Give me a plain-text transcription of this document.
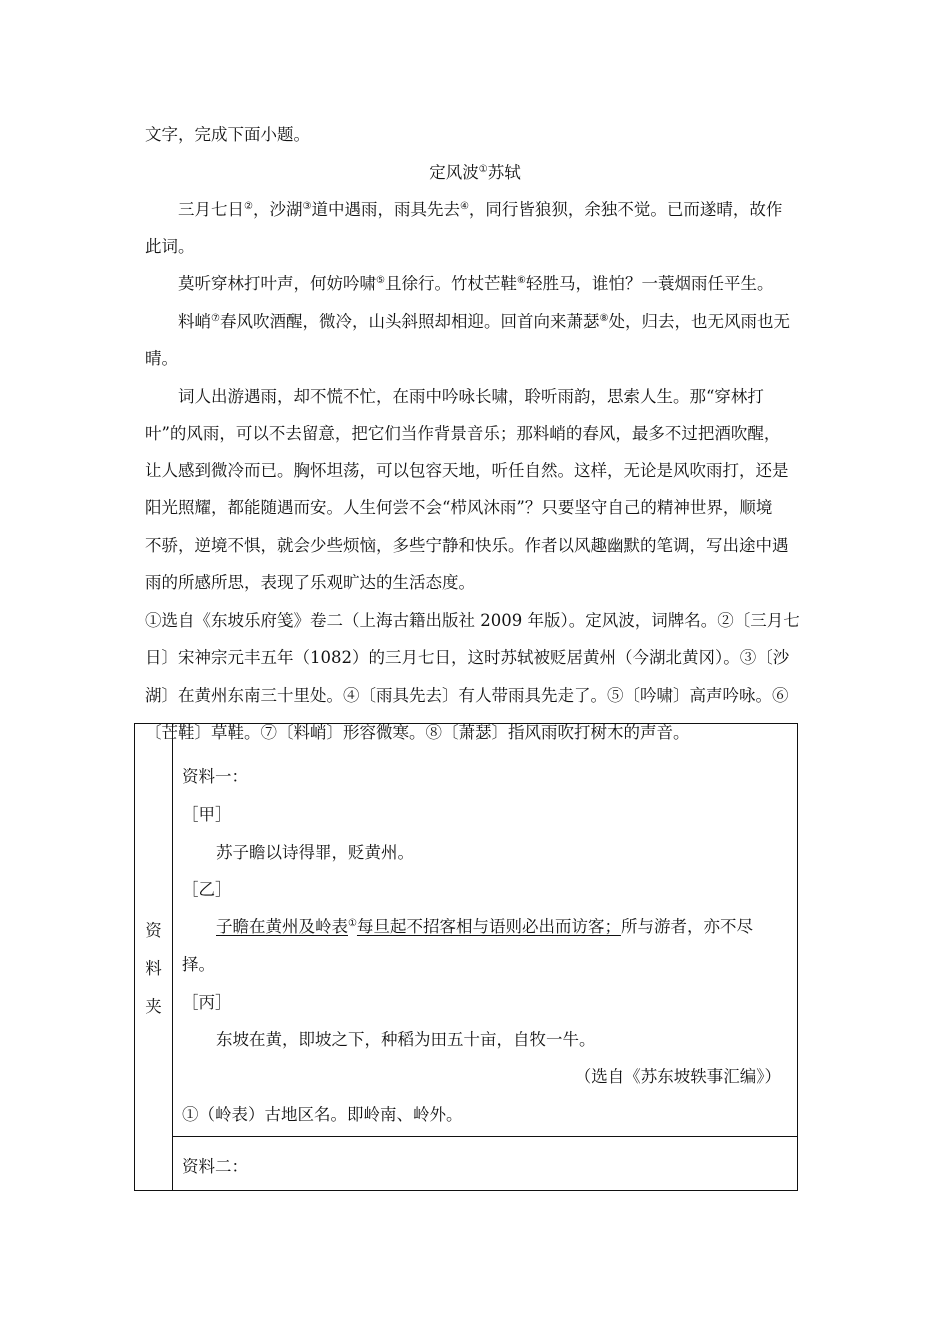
文字，完成下面小题。
定风波①苏轼
三月七日②，沙湖③道中遇雨，雨具先去④，同行皆狼狈，余独不觉。已而遂晴，故作
此词。
莫听穿林打叶声，何妨吟啸⑤且徐行。竹杖芒鞋⑥轻胜马，谁怕？一蓑烟雨任平生。
料峭⑦春风吹酒醒，微冷，山头斜照却相迎。回首向来萧瑟⑧处，归去，也无风雨也无
晴。
词人出游遇雨，却不慌不忙，在雨中吟咏长啸，聆听雨韵，思索人生。那“穿林打
叶”的风雨，可以不去留意，把它们当作背景音乐；那料峭的春风，最多不过把酒吹醒，
让人感到微冷而已。胸怀坦荡，可以包容天地，听任自然。这样，无论是风吹雨打，还是
阳光照耀，都能随遇而安。人生何尝不会“栉风沐雨”？只要坚守自己的精神世界，顺境
不骄，逆境不惧，就会少些烦恼，多些宁静和快乐。作者以风趣幽默的笔调，写出途中遇
雨的所感所思，表现了乐观旷达的生活态度。
①选自《东坡乐府笺》卷二（上海古籍出版社 2009 年版）。定风波，词牌名。②〔三月七
日〕宋神宗元丰五年（1082）的三月七日，这时苏轼被贬居黄州（今湖北黄冈）。③〔沙
湖〕在黄州东南三十里处。④〔雨具先去〕有人带雨具先走了。⑤〔吟啸〕高声吟咏。⑥
〔芒鞋〕草鞋。⑦〔料峭〕形容微寒。⑧〔萧瑟〕指风雨吹打树木的声音。
资
料
夹
资料一：
［甲］
苏子瞻以诗得罪，贬黄州。
［乙］
子瞻在黄州及岭表①每旦起不招客相与语则必出而访客；所与游者，亦不尽
择。
［丙］
东坡在黄，即坡之下，种稻为田五十亩，自牧一牛。
（选自《苏东坡轶事汇编》）
①（岭表）古地区名。即岭南、岭外。
资料二：
